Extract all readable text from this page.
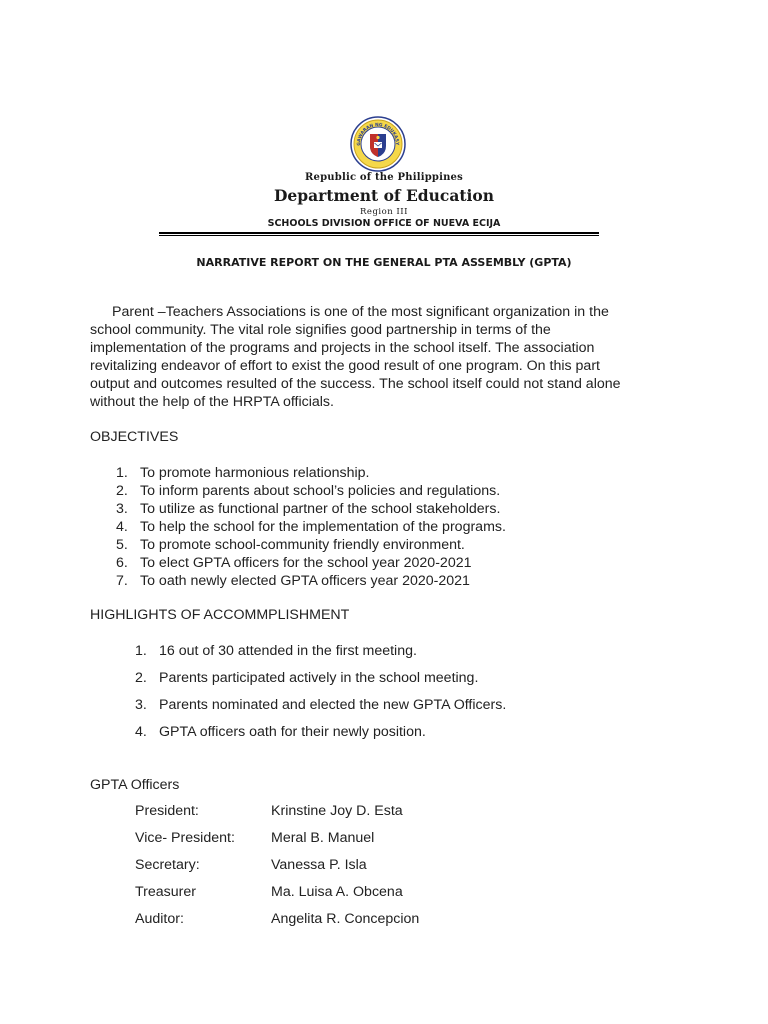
GAWARAN NG EDUKASY
Republic of the Philippines
Department of Education
Region III
SCHOOLS DIVISION OFFICE OF NUEVA ECIJA
NARRATIVE REPORT ON THE GENERAL PTA ASSEMBLY (GPTA)
Parent –Teachers Associations is one of the most significant organization in the
school community. The vital role signifies good partnership in terms of the
implementation of the programs and projects in the school itself. The association
revitalizing endeavor of effort to exist the good result of one program. On this part
output and outcomes resulted of the success. The school itself could not stand alone
without the help of the HRPTA officials.
OBJECTIVES
1. To promote harmonious relationship.
2. To inform parents about school’s policies and regulations.
3. To utilize as functional partner of the school stakeholders.
4. To help the school for the implementation of the programs.
5. To promote school-community friendly environment.
6. To elect GPTA officers for the school year 2020-2021
7. To oath newly elected GPTA officers year 2020-2021
HIGHLIGHTS OF ACCOMMPLISHMENT
1. 16 out of 30 attended in the first meeting.
2. Parents participated actively in the school meeting.
3. Parents nominated and elected the new GPTA Officers.
4. GPTA officers oath for their newly position.
GPTA Officers
President:	Krinstine Joy D. Esta
Vice- President:	Meral B. Manuel
Secretary:	Vanessa P. Isla
Treasurer	Ma. Luisa A. Obcena
Auditor:	Angelita R. Concepcion
